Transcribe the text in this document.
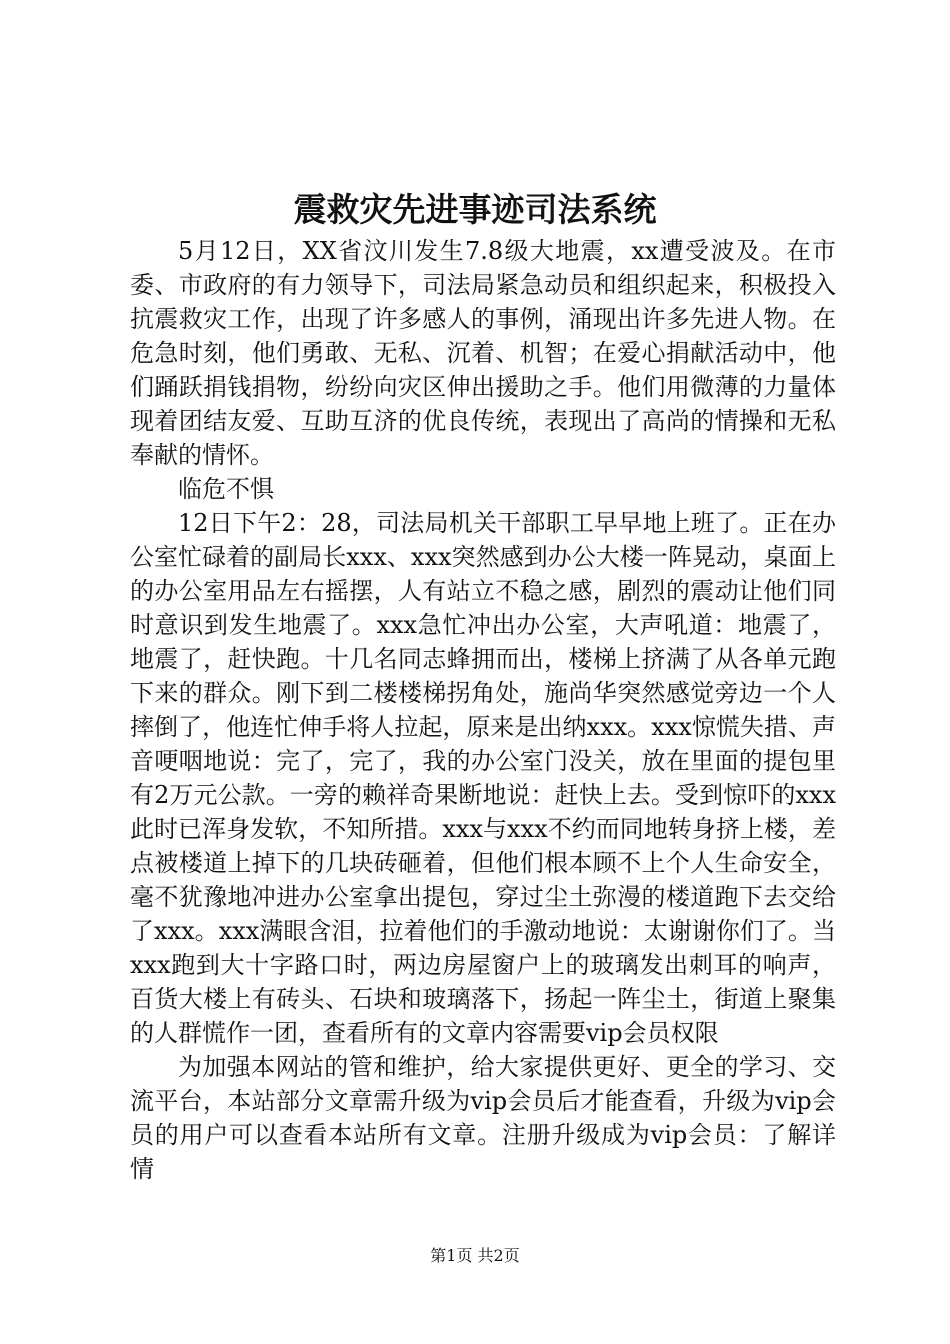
震救灾先进事迹司法系统

5月12日，XX省汶川发生7.8级大地震，xx遭受波及。在市委、市政府的有力领导下，司法局紧急动员和组织起来，积极投入抗震救灾工作，出现了许多感人的事例，涌现出许多先进人物。在危急时刻，他们勇敢、无私、沉着、机智；在爱心捐献活动中，他们踊跃捐钱捐物，纷纷向灾区伸出援助之手。他们用微薄的力量体现着团结友爱、互助互济的优良传统，表现出了高尚的情操和无私奉献的情怀。

临危不惧

12日下午2：28，司法局机关干部职工早早地上班了。正在办公室忙碌着的副局长xxx、xxx突然感到办公大楼一阵晃动，桌面上的办公室用品左右摇摆，人有站立不稳之感，剧烈的震动让他们同时意识到发生地震了。xxx急忙冲出办公室，大声吼道：地震了，地震了，赶快跑。十几名同志蜂拥而出，楼梯上挤满了从各单元跑下来的群众。刚下到二楼楼梯拐角处，施尚华突然感觉旁边一个人摔倒了，他连忙伸手将人拉起，原来是出纳xxx。xxx惊慌失措、声音哽咽地说：完了，完了，我的办公室门没关，放在里面的提包里有2万元公款。一旁的赖祥奇果断地说：赶快上去。受到惊吓的xxx此时已浑身发软，不知所措。xxx与xxx不约而同地转身挤上楼，差点被楼道上掉下的几块砖砸着，但他们根本顾不上个人生命安全，毫不犹豫地冲进办公室拿出提包，穿过尘土弥漫的楼道跑下去交给了xxx。xxx满眼含泪，拉着他们的手激动地说：太谢谢你们了。当xxx跑到大十字路口时，两边房屋窗户上的玻璃发出刺耳的响声，百货大楼上有砖头、石块和玻璃落下，扬起一阵尘土，街道上聚集的人群慌作一团，查看所有的文章内容需要vip会员权限

为加强本网站的管和维护，给大家提供更好、更全的学习、交流平台，本站部分文章需升级为vip会员后才能查看，升级为vip会员的用户可以查看本站所有文章。注册升级成为vip会员：了解详情

第1页 共2页
